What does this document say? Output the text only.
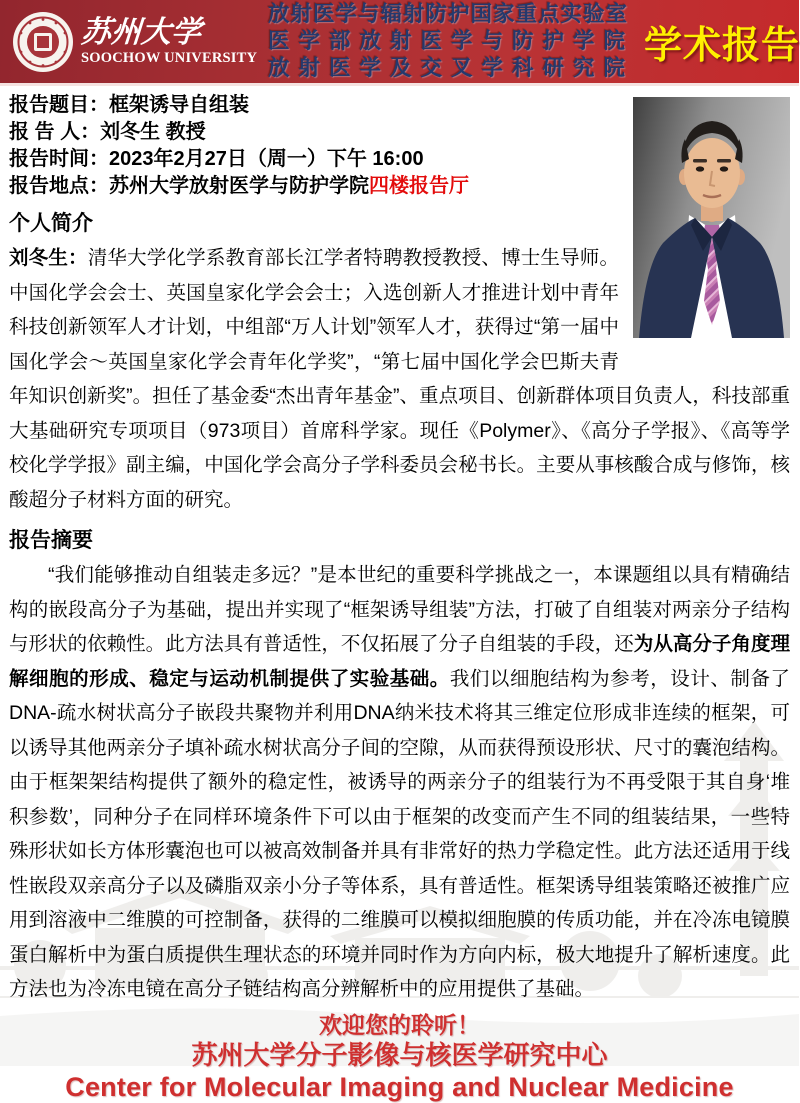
苏州大学
SOOCHOW UNIVERSITY
放射医学与辐射防护国家重点实验室
医学部放射医学与防护学院
放射医学及交叉学科研究院
学术报告
报告题目：框架诱导自组装
报 告 人：刘冬生 教授
报告时间：2023年2月27日（周一）下午 16:00
报告地点：苏州大学放射医学与防护学院四楼报告厅
个人简介

刘冬生：清华大学化学系教育部长江学者特聘教授教授、博士生导师。中国化学会会士、英国皇家化学会会士；入选创新人才推进计划中青年科技创新领军人才计划，中组部“万人计划”领军人才，获得过“第一届中国化学会～英国皇家化学会青年化学奖”，“第七届中国化学会巴斯夫青年知识创新奖”。担任了基金委“杰出青年基金”、重点项目、创新群体项目负责人，科技部重大基础研究专项项目（973项目）首席科学家。现任《Polymer》、《高分子学报》、《高等学校化学学报》副主编，中国化学会高分子学科委员会秘书长。主要从事核酸合成与修饰，核酸超分子材料方面的研究。

报告摘要

“我们能够推动自组装走多远？”是本世纪的重要科学挑战之一，本课题组以具有精确结构的嵌段高分子为基础，提出并实现了“框架诱导组装”方法，打破了自组装对两亲分子结构与形状的依赖性。此方法具有普适性，不仅拓展了分子自组装的手段，还为从高分子角度理解细胞的形成、稳定与运动机制提供了实验基础。我们以细胞结构为参考，设计、制备了DNA-疏水树状高分子嵌段共聚物并利用DNA纳米技术将其三维定位形成非连续的框架，可以诱导其他两亲分子填补疏水树状高分子间的空隙，从而获得预设形状、尺寸的囊泡结构。由于框架架结构提供了额外的稳定性，被诱导的两亲分子的组装行为不再受限于其自身‘堆积参数’，同种分子在同样环境条件下可以由于框架的改变而产生不同的组装结果，一些特殊形状如长方体形囊泡也可以被高效制备并具有非常好的热力学稳定性。此方法还适用于线性嵌段双亲高分子以及磷脂双亲小分子等体系，具有普适性。框架诱导组装策略还被推广应用到溶液中二维膜的可控制备，获得的二维膜可以模拟细胞膜的传质功能，并在冷冻电镜膜蛋白解析中为蛋白质提供生理状态的环境并同时作为方向内标，极大地提升了解析速度。此方法也为冷冻电镜在高分子链结构高分辨解析中的应用提供了基础。

欢迎您的聆听！
苏州大学分子影像与核医学研究中心
Center for Molecular Imaging and Nuclear Medicine
